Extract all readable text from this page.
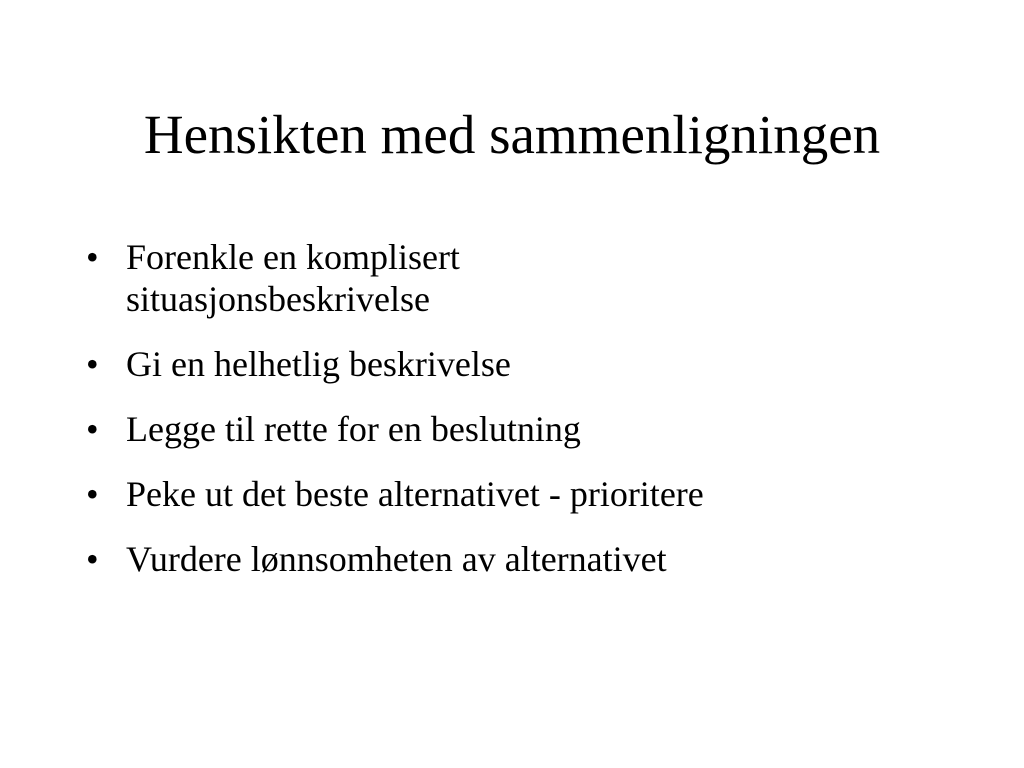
Hensikten med sammenligningen
• Forenkle en komplisert
situasjonsbeskrivelse
• Gi en helhetlig beskrivelse
• Legge til rette for en beslutning
• Peke ut det beste alternativet - prioritere
• Vurdere lønnsomheten av alternativet
